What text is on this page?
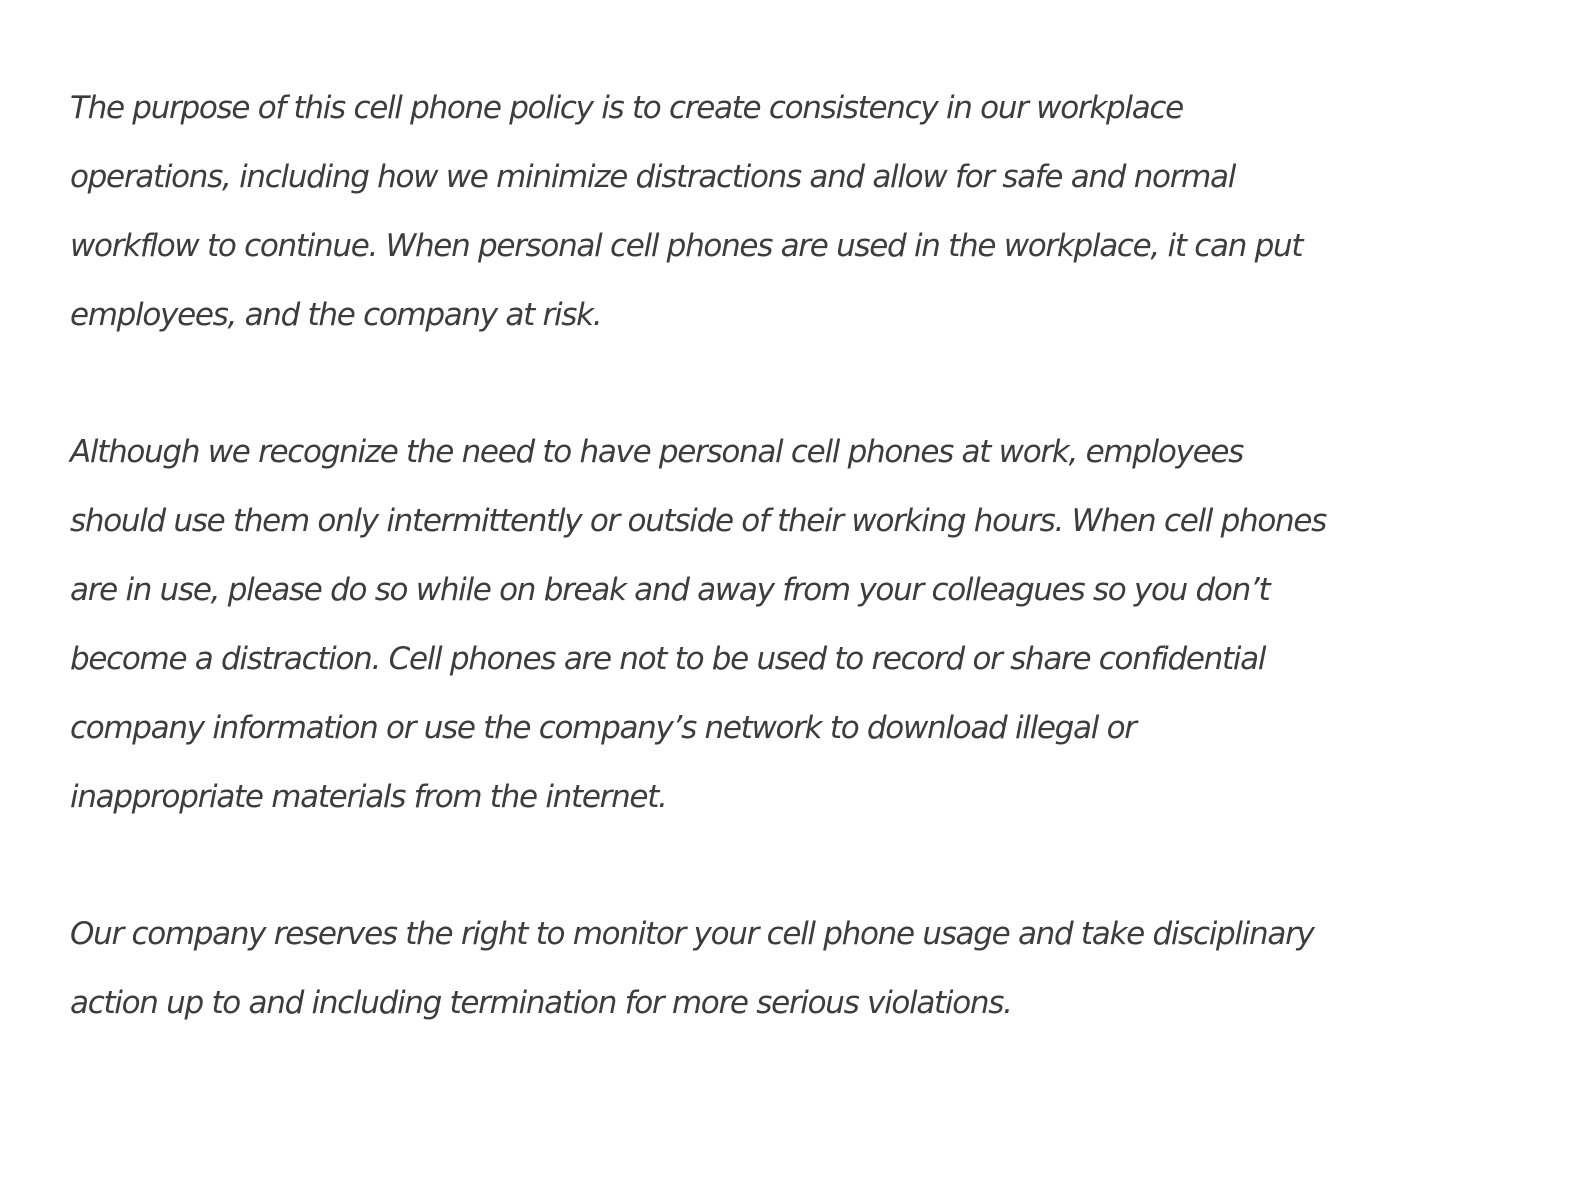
The purpose of this cell phone policy is to create consistency in our workplace
operations, including how we minimize distractions and allow for safe and normal
workflow to continue. When personal cell phones are used in the workplace, it can put
employees, and the company at risk.

Although we recognize the need to have personal cell phones at work, employees
should use them only intermittently or outside of their working hours. When cell phones
are in use, please do so while on break and away from your colleagues so you don’t
become a distraction. Cell phones are not to be used to record or share confidential
company information or use the company’s network to download illegal or
inappropriate materials from the internet.

Our company reserves the right to monitor your cell phone usage and take disciplinary
action up to and including termination for more serious violations.
